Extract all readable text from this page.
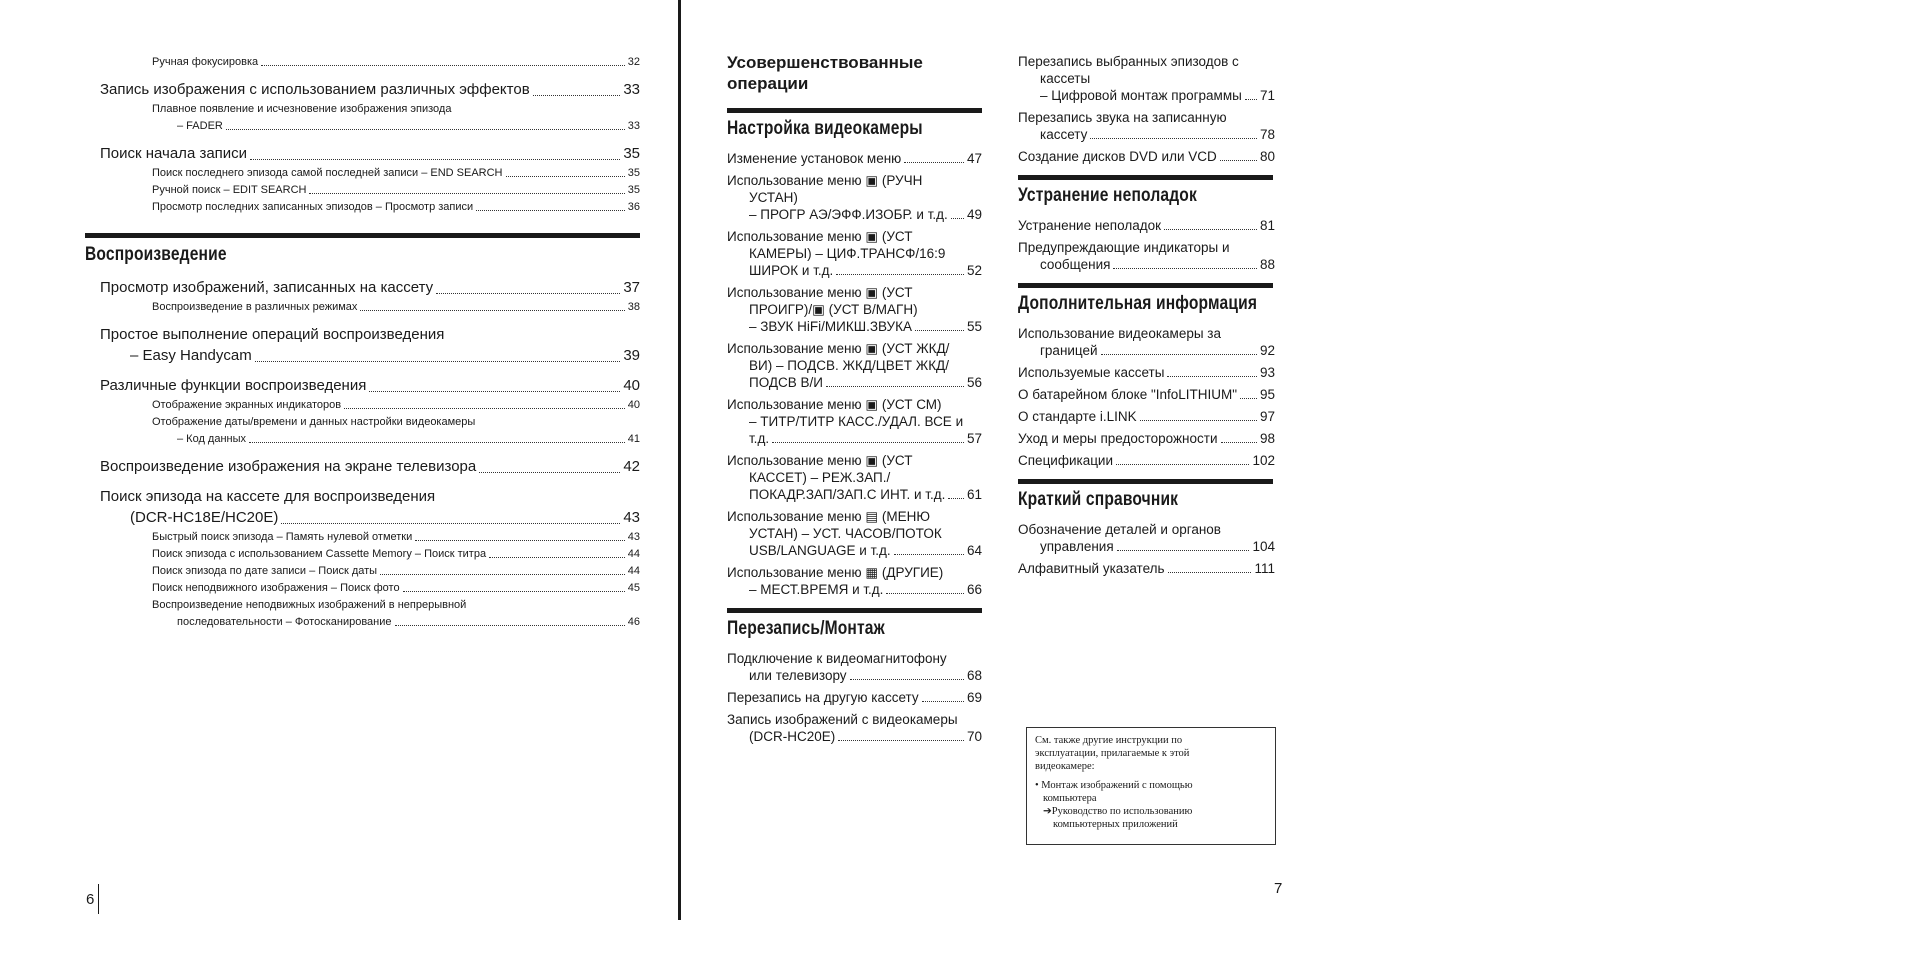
Ручная фокусировка	32
Запись изображения с использованием различных эффектов	33
Плавное появление и исчезновение изображения эпизода
– FADER	33
Поиск начала записи	35
Поиск последнего эпизода самой последней записи – END SEARCH	35
Ручной поиск – EDIT SEARCH	35
Просмотр последних записанных эпизодов – Просмотр записи	36
Воспроизведение
Просмотр изображений, записанных на кассету	37
Воспроизведение в различных режимах	38
Простое выполнение операций воспроизведения
– Easy Handycam	39
Различные функции воспроизведения	40
Отображение экранных индикаторов	40
Отображение даты/времени и данных настройки видеокамеры
– Код данных	41
Воспроизведение изображения на экране телевизора	42
Поиск эпизода на кассете для воспроизведения
(DCR-HC18E/HC20E)	43
Быстрый поиск эпизода – Память нулевой отметки	43
Поиск эпизода с использованием Cassette Memory – Поиск титра	44
Поиск эпизода по дате записи – Поиск даты	44
Поиск неподвижного изображения – Поиск фото	45
Воспроизведение неподвижных изображений в непрерывной
последовательности – Фотосканирование	46
6
Усовершенствованные
операции
Настройка видеокамеры
Изменение установок меню	47
Использование меню ▣ (РУЧН
УСТАН)
– ПРОГР АЭ/ЭФФ.ИЗОБР. и т.д. 49
Использование меню ▣ (УСТ
КАМЕРЫ) – ЦИФ.ТРАНСФ/16:9
ШИРОК и т.д.	52
Использование меню ▣ (УСТ
ПРОИГР)/▣ (УСТ В/МАГН)
– ЗВУК HiFi/МИКШ.ЗВУКА	55
Использование меню ▣ (УСТ ЖКД/
ВИ) – ПОДСВ. ЖКД/ЦВЕТ ЖКД/
ПОДСВ В/И	56
Использование меню ▣ (УСТ СМ)
– ТИТР/ТИТР КАСС./УДАЛ. ВСЕ и
т.д.	57
Использование меню ▣ (УСТ
КАССЕТ) – РЕЖ.ЗАП./
ПОКАДР.ЗАП/ЗАП.С ИНТ. и т.д. 61
Использование меню ▤ (МЕНЮ
УСТАН) – УСТ. ЧАСОВ/ПОТОК
USB/LANGUAGE и т.д.	64
Использование меню ▦ (ДРУГИЕ)
– МЕСТ.ВРЕМЯ и т.д.	66
Перезапись/Монтаж
Подключение к видеомагнитофону
или телевизору	68
Перезапись на другую кассету	69
Запись изображений с видеокамеры
(DCR-HC20E)	70
Перезапись выбранных эпизодов с
кассеты
– Цифровой монтаж программы 71
Перезапись звука на записанную
кассету	78
Создание дисков DVD или VCD	80
Устранение неполадок
Устранение неполадок	81
Предупреждающие индикаторы и
сообщения	88
Дополнительная информация
Использование видеокамеры за
границей	92
Используемые кассеты	93
О батарейном блоке "InfoLITHIUM" 95
О стандарте i.LINK	97
Уход и меры предосторожности	98
Спецификации	102
Краткий справочник
Обозначение деталей и органов
управления	104
Алфавитный указатель	111
См. также другие инструкции по
эксплуатации, прилагаемые к этой
видеокамере:
• Монтаж изображений с помощью
компьютера
➔Руководство по использованию
компьютерных приложений
7
